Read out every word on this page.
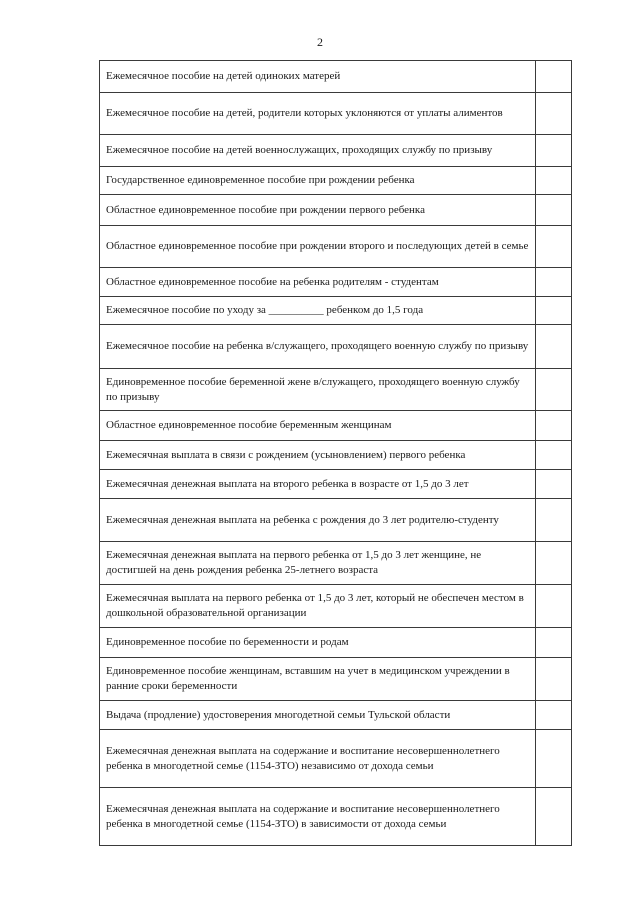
2
Ежемесячное пособие на детей одиноких матерей	
Ежемесячное пособие на детей, родители которых уклоняются от уплаты алиментов	
Ежемесячное пособие на детей военнослужащих, проходящих службу по призыву	
Государственное единовременное пособие при рождении ребенка	
Областное единовременное пособие при рождении первого ребенка	
Областное единовременное пособие при рождении второго и последующих детей в семье	
Областное единовременное пособие на ребенка родителям - студентам	
Ежемесячное пособие по уходу за __________ ребенком до 1,5 года	
Ежемесячное пособие на ребенка в/служащего, проходящего военную службу по призыву	
Единовременное пособие беременной жене в/служащего, проходящего военную службу по призыву	
Областное единовременное пособие беременным женщинам	
Ежемесячная выплата в связи с рождением (усыновлением) первого ребенка	
Ежемесячная денежная выплата на второго ребенка в возрасте от 1,5 до 3 лет	
Ежемесячная денежная выплата на ребенка с рождения до 3 лет родителю-студенту	
Ежемесячная денежная выплата на первого ребенка от 1,5 до 3 лет женщине, не достигшей на день рождения ребенка 25-летнего возраста	
Ежемесячная выплата на первого ребенка от 1,5 до 3 лет, который не обеспечен местом в дошкольной образовательной организации	
Единовременное пособие по беременности и родам	
Единовременное пособие женщинам, вставшим на учет в медицинском учреждении в ранние сроки беременности	
Выдача (продление) удостоверения многодетной семьи Тульской области	
Ежемесячная денежная выплата на содержание и воспитание несовершеннолетнего ребенка в многодетной семье (1154-ЗТО) независимо от дохода семьи	
Ежемесячная денежная выплата на содержание и воспитание несовершеннолетнего ребенка в многодетной семье (1154-ЗТО) в зависимости от дохода семьи	
